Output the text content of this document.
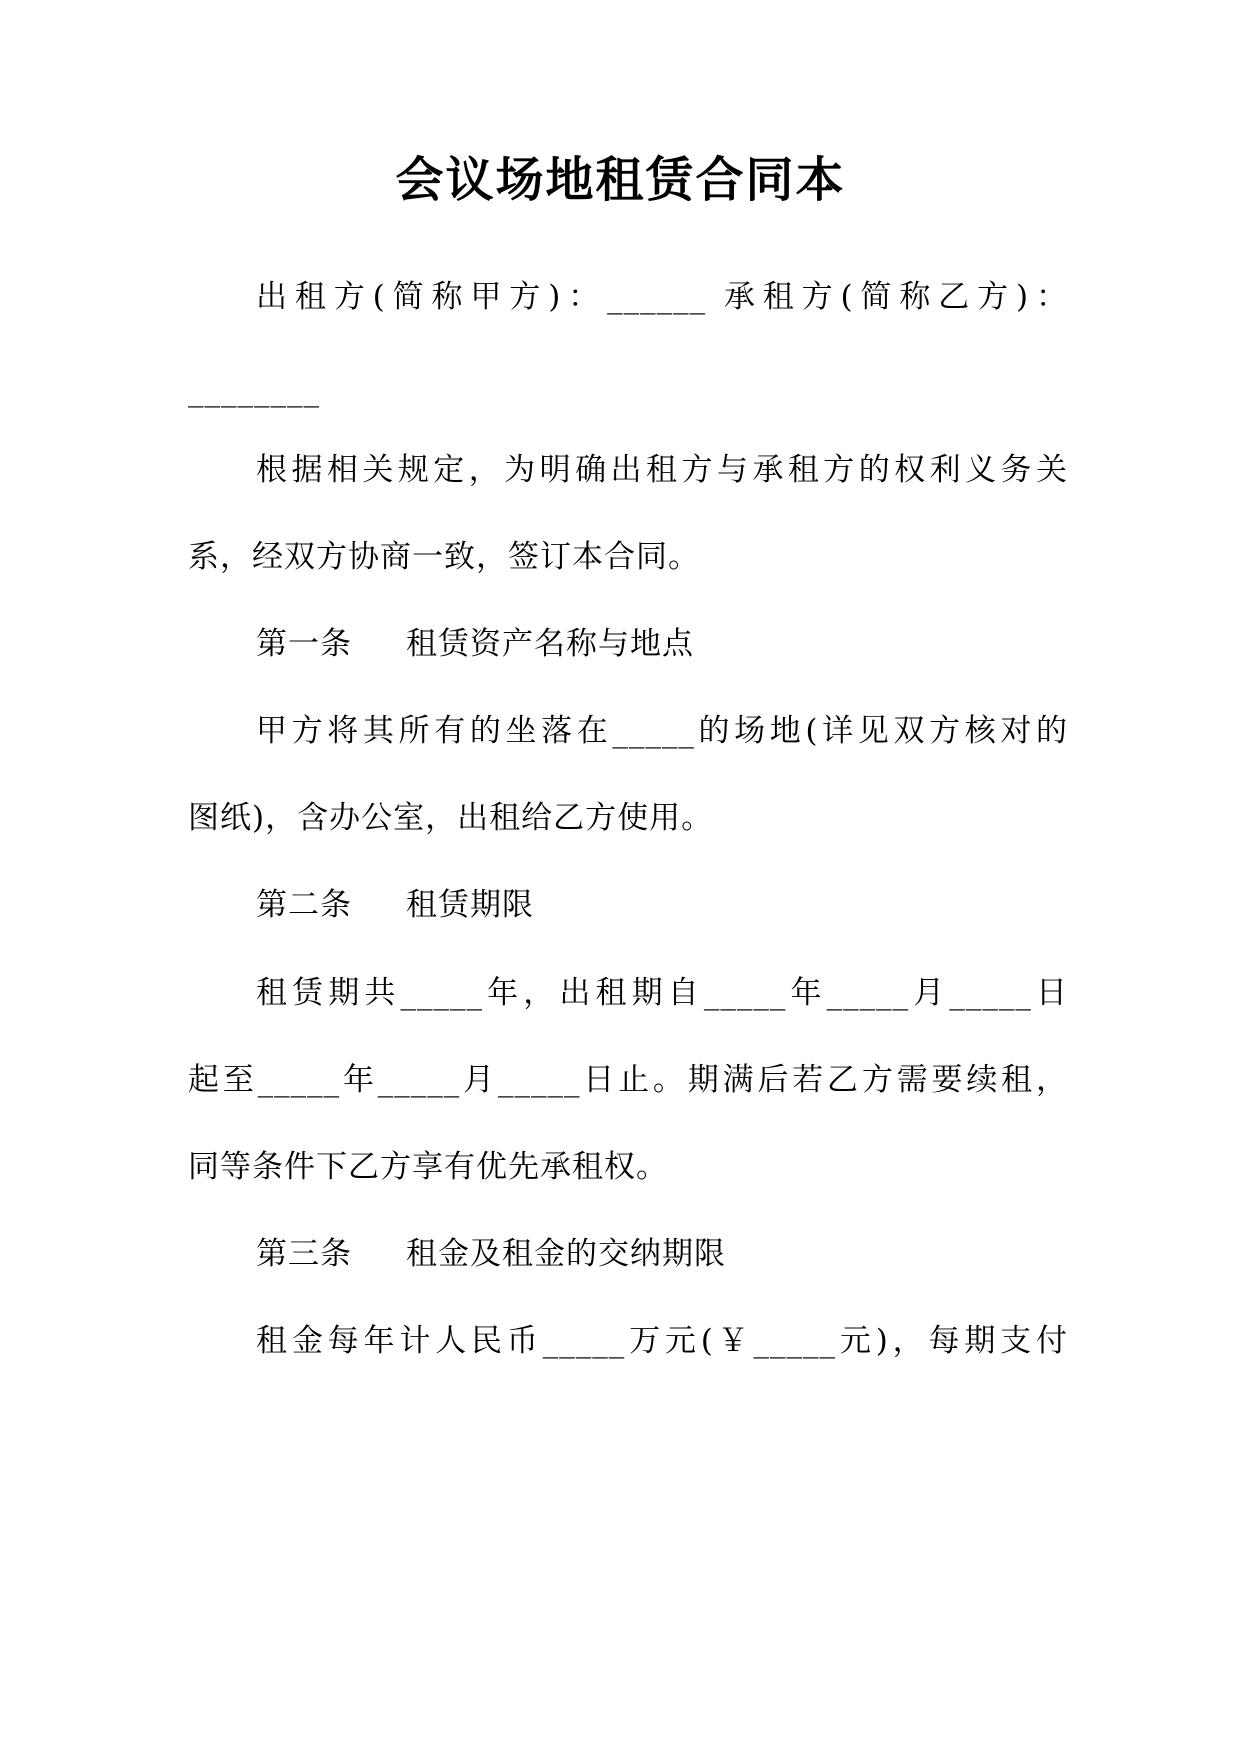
会议场地租赁合同本
出租方(简称甲方)：______ 承租方(简称乙方)：
________
根据相关规定，为明确出租方与承租方的权利义务关
系，经双方协商一致，签订本合同。
第一条 租赁资产名称与地点
甲方将其所有的坐落在_____的场地(详见双方核对的
图纸)，含办公室，出租给乙方使用。
第二条 租赁期限
租赁期共_____年，出租期自_____年_____月_____日
起至_____年_____月_____日止。期满后若乙方需要续租，
同等条件下乙方享有优先承租权。
第三条 租金及租金的交纳期限
租金每年计人民币_____万元(￥_____元)，每期支付
